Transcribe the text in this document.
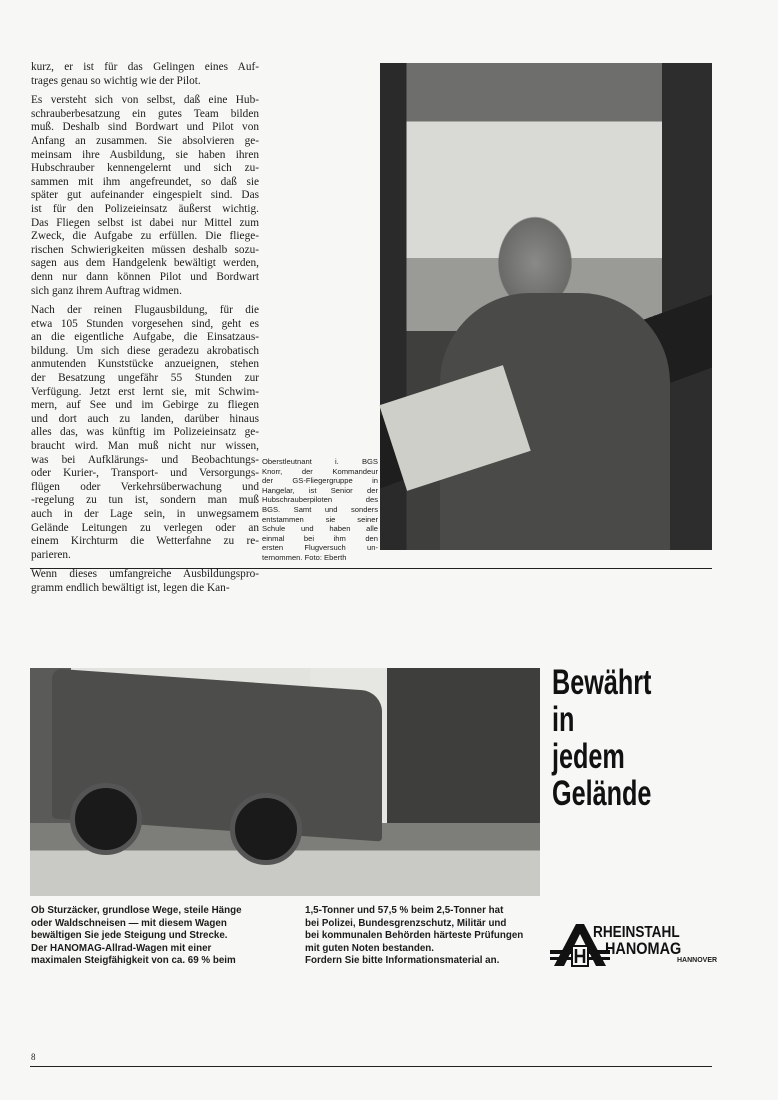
kurz, er ist für das Gelingen eines Auf-
trages genau so wichtig wie der Pilot.
Es versteht sich von selbst, daß eine Hub-
schrauberbesatzung ein gutes Team bilden
muß. Deshalb sind Bordwart und Pilot von
Anfang an zusammen. Sie absolvieren ge-
meinsam ihre Ausbildung, sie haben ihren
Hubschrauber kennengelernt und sich zu-
sammen mit ihm angefreundet, so daß sie
später gut aufeinander eingespielt sind. Das
ist für den Polizeieinsatz äußerst wichtig.
Das Fliegen selbst ist dabei nur Mittel zum
Zweck, die Aufgabe zu erfüllen. Die fliege-
rischen Schwierigkeiten müssen deshalb sozu-
sagen aus dem Handgelenk bewältigt werden,
denn nur dann können Pilot und Bordwart
sich ganz ihrem Auftrag widmen.
Nach der reinen Flugausbildung, für die
etwa 105 Stunden vorgesehen sind, geht es
an die eigentliche Aufgabe, die Einsatzaus-
bildung. Um sich diese geradezu akrobatisch
anmutenden Kunststücke anzueignen, stehen
der Besatzung ungefähr 55 Stunden zur
Verfügung. Jetzt erst lernt sie, mit Schwim-
mern, auf See und im Gebirge zu fliegen
und dort auch zu landen, darüber hinaus
alles das, was künftig im Polizeieinsatz ge-
braucht wird. Man muß nicht nur wissen,
was bei Aufklärungs- und Beobachtungs-
oder Kurier-, Transport- und Versorgungs-
flügen oder Verkehrsüberwachung und
-regelung zu tun ist, sondern man muß
auch in der Lage sein, in unwegsamem
Gelände Leitungen zu verlegen oder an
einem Kirchturm die Wetterfahne zu re-
parieren.
Wenn dieses umfangreiche Ausbildungspro-
gramm endlich bewältigt ist, legen die Kan-
Oberstleutnant i. BGS
Knorr, der Kommandeur
der GS-Fliegergruppe in
Hangelar, ist Senior der
Hubschrauberpiloten des
BGS. Samt und sonders
entstammen sie seiner
Schule und haben alle
einmal bei ihm den
ersten Flugversuch un-
ternommen. Foto: Eberth
Bewährt
in
jedem
Gelände
Ob Sturzäcker, grundlose Wege, steile Hänge
oder Waldschneisen — mit diesem Wagen
bewältigen Sie jede Steigung und Strecke.
Der HANOMAG-Allrad-Wagen mit einer
maximalen Steigfähigkeit von ca. 69 % beim
1,5-Tonner und 57,5 % beim 2,5-Tonner hat
bei Polizei, Bundesgrenzschutz, Militär und
bei kommunalen Behörden härteste Prüfungen
mit guten Noten bestanden.
Fordern Sie bitte Informationsmaterial an.
RHEINSTAHL
HANOMAG
HANNOVER
8
